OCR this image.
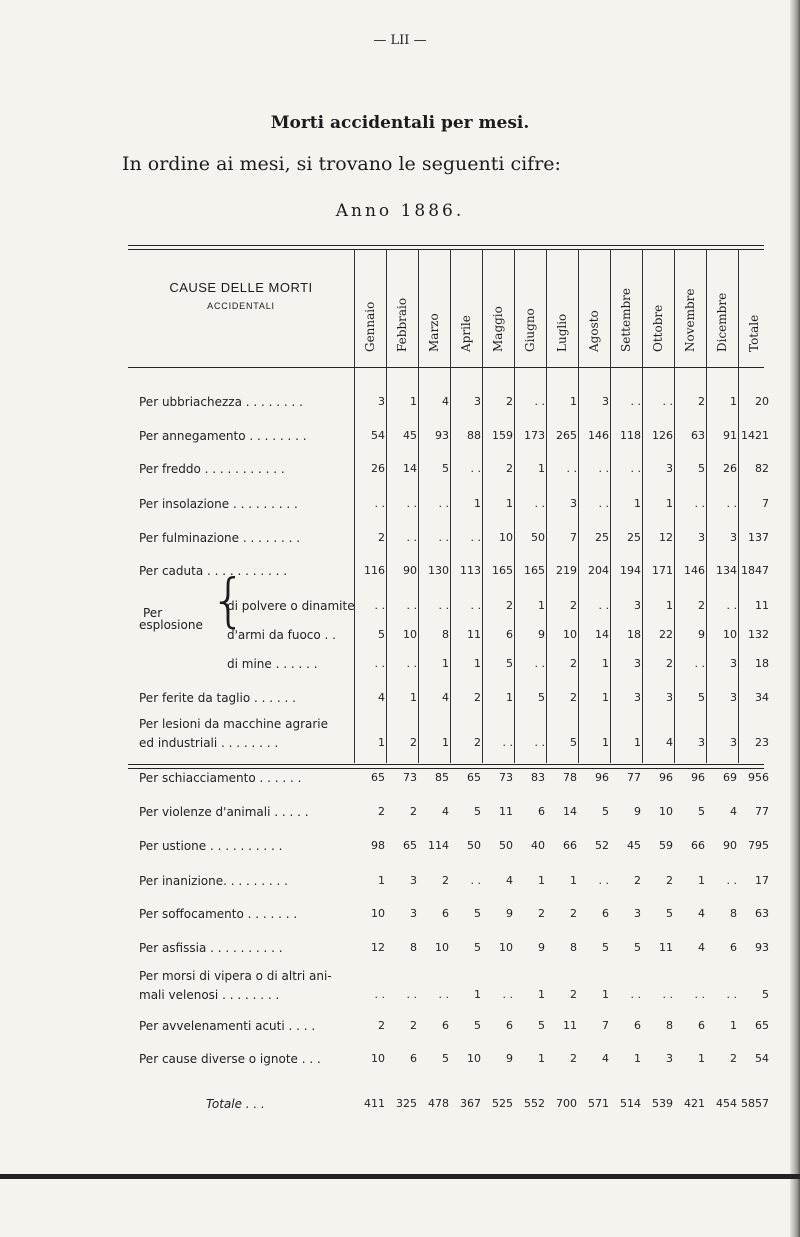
— LII —
Morti accidentali per mesi.
In ordine ai mesi, si trovano le seguenti cifre:
Anno 1886.
CAUSE DELLE MORTI
ACCIDENTALI	Gennaio Febbraio Marzo Aprile Maggio Giugno Luglio Agosto Settembre Ottobre Novembre Dicembre Totale
Per ubbriachezza . . . . . . . .	3	1	4	3	2	. .	1	3	. .	. .	2	1	20
Per annegamento . . . . . . . .	54	45	93	88	159	173	265	146	118	126	63	91 1421
Per freddo . . . . . . . . . . .	26	14	5	. .	2	1	. .	. .	. .	3	5	26	82
Per insolazione . . . . . . . . .	. .	. .	. .	1	1	. .	3	. .	1	1	. .	. .	7
Per fulminazione . . . . . . . .	2	. .	. .	. .	10	50	7	25	25	12	3	3	137
Per caduta . . . . . . . . . . .	116	90	130	113	165	165	219	204	194	171	146	134 1847
di polvere o dinamite	. .	. .	. .	. .	2	1	2	. .	3	1	2	. .	11
d'armi da fuoco . .	5	10	8	11	6	9	10	14	18	22	9	10	132
di mine . . . . . .	. .	. .	1	1	5	. .	2	1	3	2	. .	3	18
Per ferite da taglio . . . . . .	4	1	4	2	1	5	2	1	3	3	5	3	34
Per lesioni da macchine agrarie
ed industriali . . . . . . . .	1	2	1	2	. .	. .	5	1	1	4	3	3	23
Per schiacciamento . . . . . .	65	73	85	65	73	83	78	96	77	96	96	69	956
Per violenze d'animali . . . . .	2	2	4	5	11	6	14	5	9	10	5	4	77
Per ustione . . . . . . . . . .	98	65	114	50	50	40	66	52	45	59	66	90	795
Per inanizione. . . . . . . . .	1	3	2	. .	4	1	1	. .	2	2	1	. .	17
Per soffocamento . . . . . . .	10	3	6	5	9	2	2	6	3	5	4	8	63
Per asfissia . . . . . . . . . .	12	8	10	5	10	9	8	5	5	11	4	6	93
Per morsi di vipera o di altri ani-
mali velenosi . . . . . . . .	. .	. .	. .	1	. .	1	2	1	. .	. .	. .	. .	5
Per avvelenamenti acuti . . . .	2	2	6	5	6	5	11	7	6	8	6	1	65
Per cause diverse o ignote . . .	10	6	5	10	9	1	2	4	1	3	1	2	54
Totale . . .	411	325	478	367	525	552	700	571	514	539	421	454 5857
Per
esplosione {
